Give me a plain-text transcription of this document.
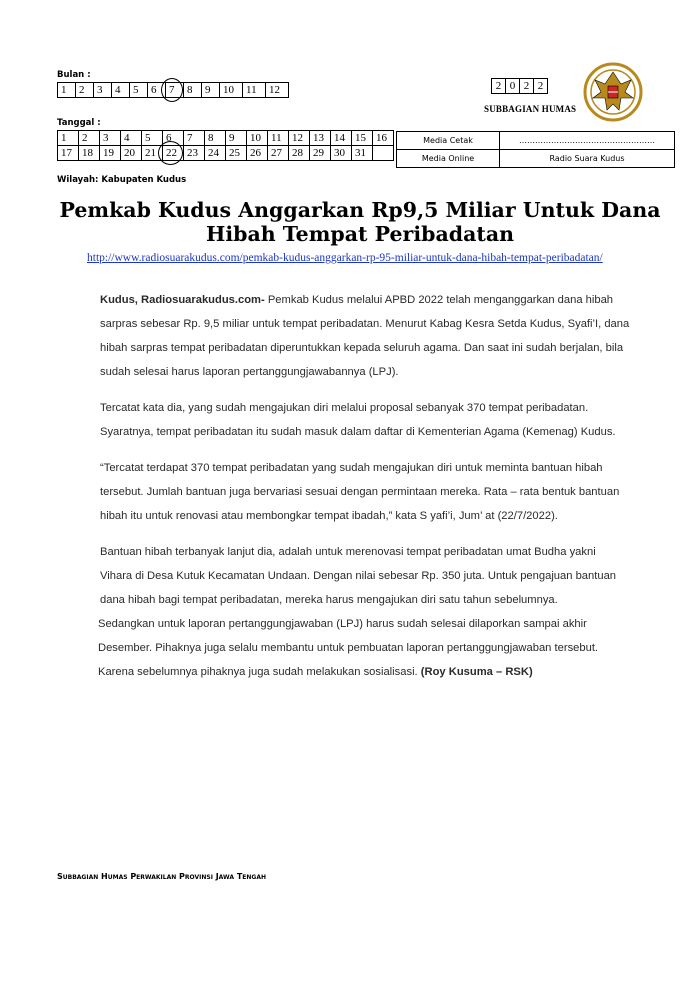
Bulan :
1	2	3	4	5	6	7	8	9	10	11	12
Tanggal :
1	2	3	4	5	6	7	8	9	10	11	12	13	14	15	16
17	18	19	20	21	22	23	24	25	26	27	28	29	30	31	
2	0	2	2
SUBBAGIAN HUMAS
Media Cetak	……………………………………………
Media Online	Radio Suara Kudus
Wilayah: Kabupaten Kudus
Pemkab Kudus Anggarkan Rp9,5 Miliar Untuk Dana
Hibah Tempat Peribadatan
http://www.radiosuarakudus.com/pemkab-kudus-anggarkan-rp-95-miliar-untuk-dana-hibah-tempat-peribadatan/

Kudus, Radiosuarakudus.com- Pemkab Kudus melalui APBD 2022 telah menganggarkan dana hibah sarpras sebesar Rp. 9,5 miliar untuk tempat peribadatan. Menurut Kabag Kesra Setda Kudus, Syafi’I, dana hibah sarpras tempat peribadatan diperuntukkan kepada seluruh agama. Dan saat ini sudah berjalan, bila sudah selesai harus laporan pertanggungjawabannya (LPJ).

Tercatat kata dia, yang sudah mengajukan diri melalui proposal sebanyak 370 tempat peribadatan. Syaratnya, tempat peribadatan itu sudah masuk dalam daftar di Kementerian Agama (Kemenag) Kudus.

“Tercatat terdapat 370 tempat peribadatan yang sudah mengajukan diri untuk meminta bantuan hibah tersebut. Jumlah bantuan juga bervariasi sesuai dengan permintaan mereka. Rata – rata bentuk bantuan hibah itu untuk renovasi atau membongkar tempat ibadah,” kata S yafi’i, Jum’ at (22/7/2022).

Bantuan hibah terbanyak lanjut dia, adalah untuk merenovasi tempat peribadatan umat Budha yakni Vihara di Desa Kutuk Kecamatan Undaan. Dengan nilai sebesar Rp. 350 juta. Untuk pengajuan bantuan dana hibah bagi tempat peribadatan, mereka harus mengajukan diri satu tahun sebelumnya.

Sedangkan untuk laporan pertanggungjawaban (LPJ) harus sudah selesai dilaporkan sampai akhir Desember. Pihaknya juga selalu membantu untuk pembuatan laporan pertanggungjawaban tersebut. Karena sebelumnya pihaknya juga sudah melakukan sosialisasi. (Roy Kusuma – RSK)

Subbagian Humas Perwakilan Provinsi Jawa Tengah
